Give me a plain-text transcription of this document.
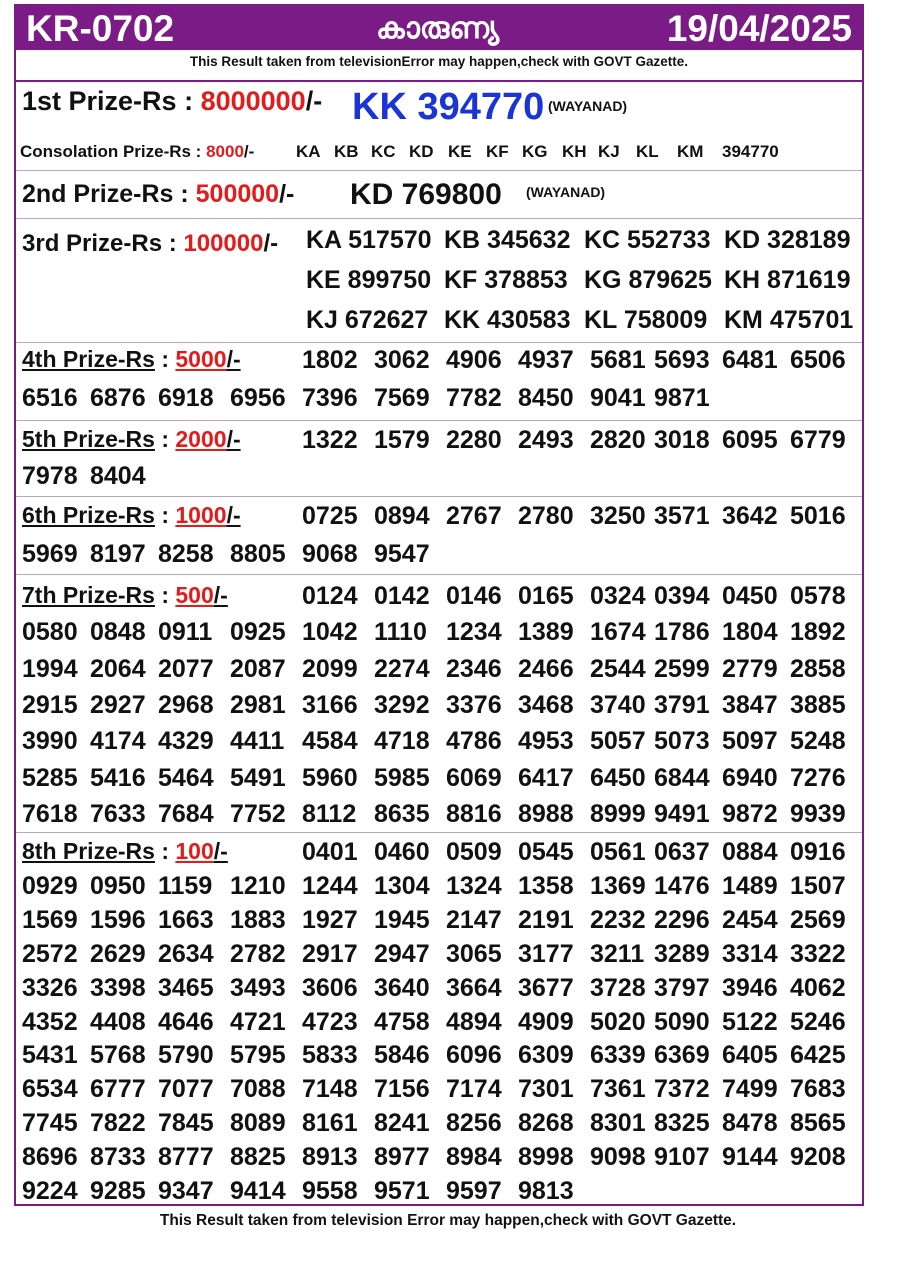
KR-0702	കാരുണ്യ	19/04/2025
This Result taken from televisionError may happen,check with GOVT Gazette.
1st Prize-Rs : 8000000/- KK 394770 (WAYANAD)
Consolation Prize-Rs : 8000/- KA KB KC KD KE KF KG KH KJ KL KM 394770
2nd Prize-Rs : 500000/- KD 769800 (WAYANAD)
3rd Prize-Rs : 100000/- KA 517570 KB 345632 KC 552733 KD 328189
KE 899750 KF 378853 KG 879625 KH 871619
KJ 672627 KK 430583 KL 758009 KM 475701
4th Prize-Rs : 5000/- 1802 3062 4906 4937 5681 5693 6481 6506
6516 6876 6918 6956 7396 7569 7782 8450 9041 9871
5th Prize-Rs : 2000/- 1322 1579 2280 2493 2820 3018 6095 6779
7978 8404
6th Prize-Rs : 1000/- 0725 0894 2767 2780 3250 3571 3642 5016
5969 8197 8258 8805 9068 9547
7th Prize-Rs : 500/-	0124 0142 0146 0165 0324 0394 0450 0578
0580 0848 0911 0925 1042 1110 1234 1389 1674 1786 1804 1892
1994 2064 2077 2087 2099 2274 2346 2466 2544 2599 2779 2858
2915 2927 2968 2981 3166 3292 3376 3468 3740 3791 3847 3885
3990 4174 4329 4411 4584 4718 4786 4953 5057 5073 5097 5248
5285 5416 5464 5491 5960 5985 6069 6417 6450 6844 6940 7276
7618 7633 7684 7752 8112 8635 8816 8988 8999 9491 9872 9939
8th Prize-Rs : 100/-	0401 0460 0509 0545 0561 0637 0884 0916
0929 0950 1159 1210 1244 1304 1324 1358 1369 1476 1489 1507
1569 1596 1663 1883 1927 1945 2147 2191 2232 2296 2454 2569
2572 2629 2634 2782 2917 2947 3065 3177 3211 3289 3314 3322
3326 3398 3465 3493 3606 3640 3664 3677 3728 3797 3946 4062
4352 4408 4646 4721 4723 4758 4894 4909 5020 5090 5122 5246
5431 5768 5790 5795 5833 5846 6096 6309 6339 6369 6405 6425
6534 6777 7077 7088 7148 7156 7174 7301 7361 7372 7499 7683
7745 7822 7845 8089 8161 8241 8256 8268 8301 8325 8478 8565
8696 8733 8777 8825 8913 8977 8984 8998 9098 9107 9144 9208
9224 9285 9347 9414 9558 9571 9597 9813
This Result taken from television Error may happen,check with GOVT Gazette.
